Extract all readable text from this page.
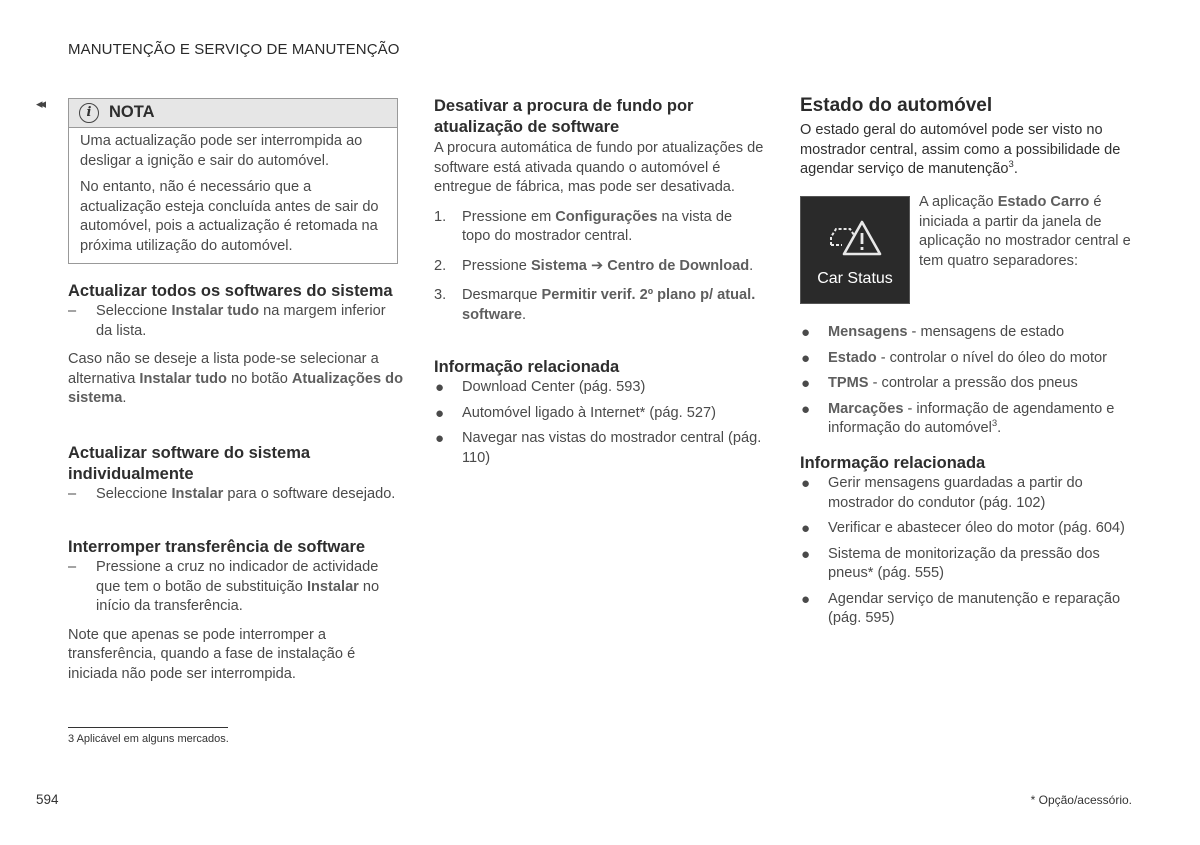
MANUTENÇÃO E SERVIÇO DE MANUTENÇÃO
◂◂
i	NOTA

Uma actualização pode ser interrompida ao desligar a ignição e sair do automóvel.

No entanto, não é necessário que a actualização esteja concluída antes de sair do automóvel, pois a actualização é retomada na próxima utilização do automóvel.

Actualizar todos os softwares do sistema
– Seleccione Instalar tudo na margem inferior da lista.

Caso não se deseje a lista pode-se selecionar a alternativa Instalar tudo no botão Atualizações do sistema.

Actualizar software do sistema individualmente
– Seleccione Instalar para o software desejado.
Interromper transferência de software
– Pressione a cruz no indicador de actividade que tem o botão de substituição Instalar no início da transferência.

Note que apenas se pode interromper a transferência, quando a fase de instalação é iniciada não pode ser interrompida.

Desativar a procura de fundo por atualização de software

A procura automática de fundo por atualizações de software está ativada quando o automóvel é entregue de fábrica, mas pode ser desativada.

1. Pressione em Configurações na vista de topo do mostrador central.
2. Pressione Sistema ➔ Centro de Download.
3. Desmarque Permitir verif. 2º plano p/ atual. software.
Informação relacionada
● Download Center (pág. 593)
● Automóvel ligado à Internet* (pág. 527)
● Navegar nas vistas do mostrador central (pág. 110)
Estado do automóvel

O estado geral do automóvel pode ser visto no mostrador central, assim como a possibilidade de agendar serviço de manutenção$^3$.

Car Status
A aplicação Estado Carro é iniciada a partir da janela de aplicação no mostrador central e tem quatro separadores:
● Mensagens - mensagens de estado
● Estado - controlar o nível do óleo do motor
● TPMS - controlar a pressão dos pneus
● Marcações - informação de agendamento e informação do automóvel$^3$.
Informação relacionada
● Gerir mensagens guardadas a partir do mostrador do condutor (pág. 102)
● Verificar e abastecer óleo do motor (pág. 604)
● Sistema de monitorização da pressão dos pneus* (pág. 555)
● Agendar serviço de manutenção e reparação (pág. 595)
3 Aplicável em alguns mercados.
594	* Opção/acessório.
